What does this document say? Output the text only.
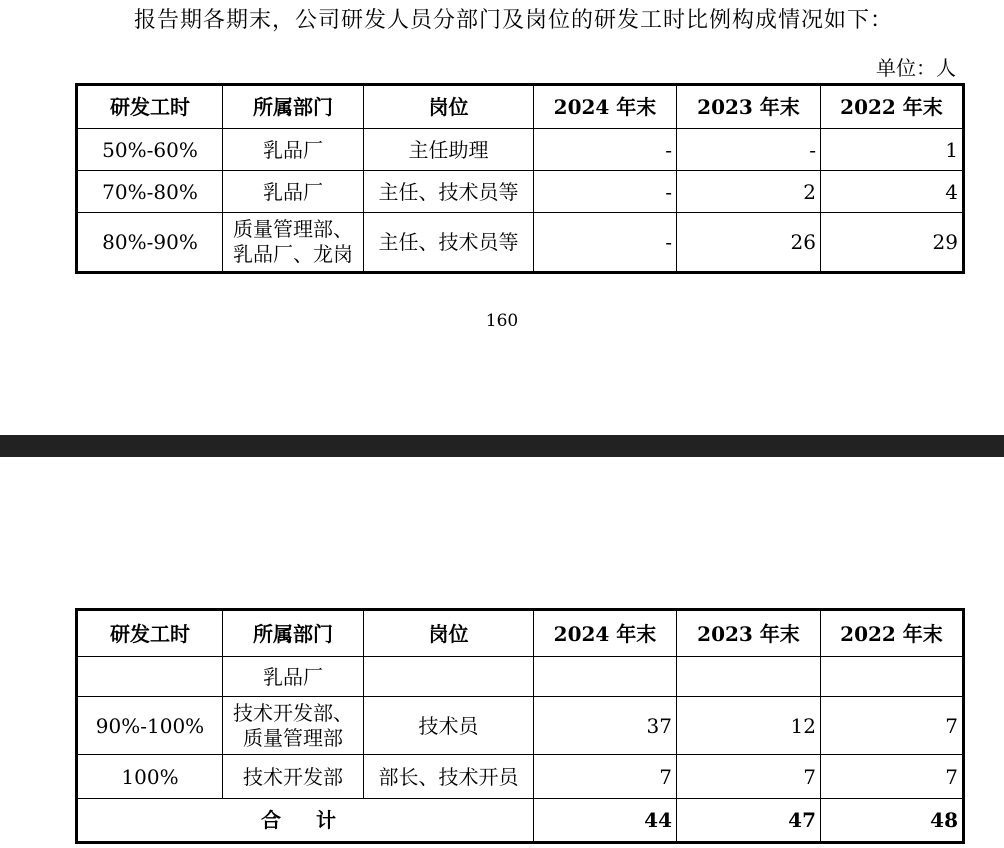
报告期各期末，公司研发人员分部门及岗位的研发工时比例构成情况如下：
单位：人
研发工时	所属部门	岗位	2024 年末	2023 年末	2022 年末
50%-60%	乳品厂	主任助理	-	-	1
70%-80%	乳品厂	主任、技术员等	-	2	4
80%-90%	质量管理部、
乳品厂、龙岗	主任、技术员等	-	26	29
160
研发工时	所属部门	岗位	2024 年末	2023 年末	2022 年末
	乳品厂				
90%-100%	技术开发部、
质量管理部	技术员	37	12	7
100%	技术开发部	部长、技术开员	7	7	7
合 计			44	47	48
